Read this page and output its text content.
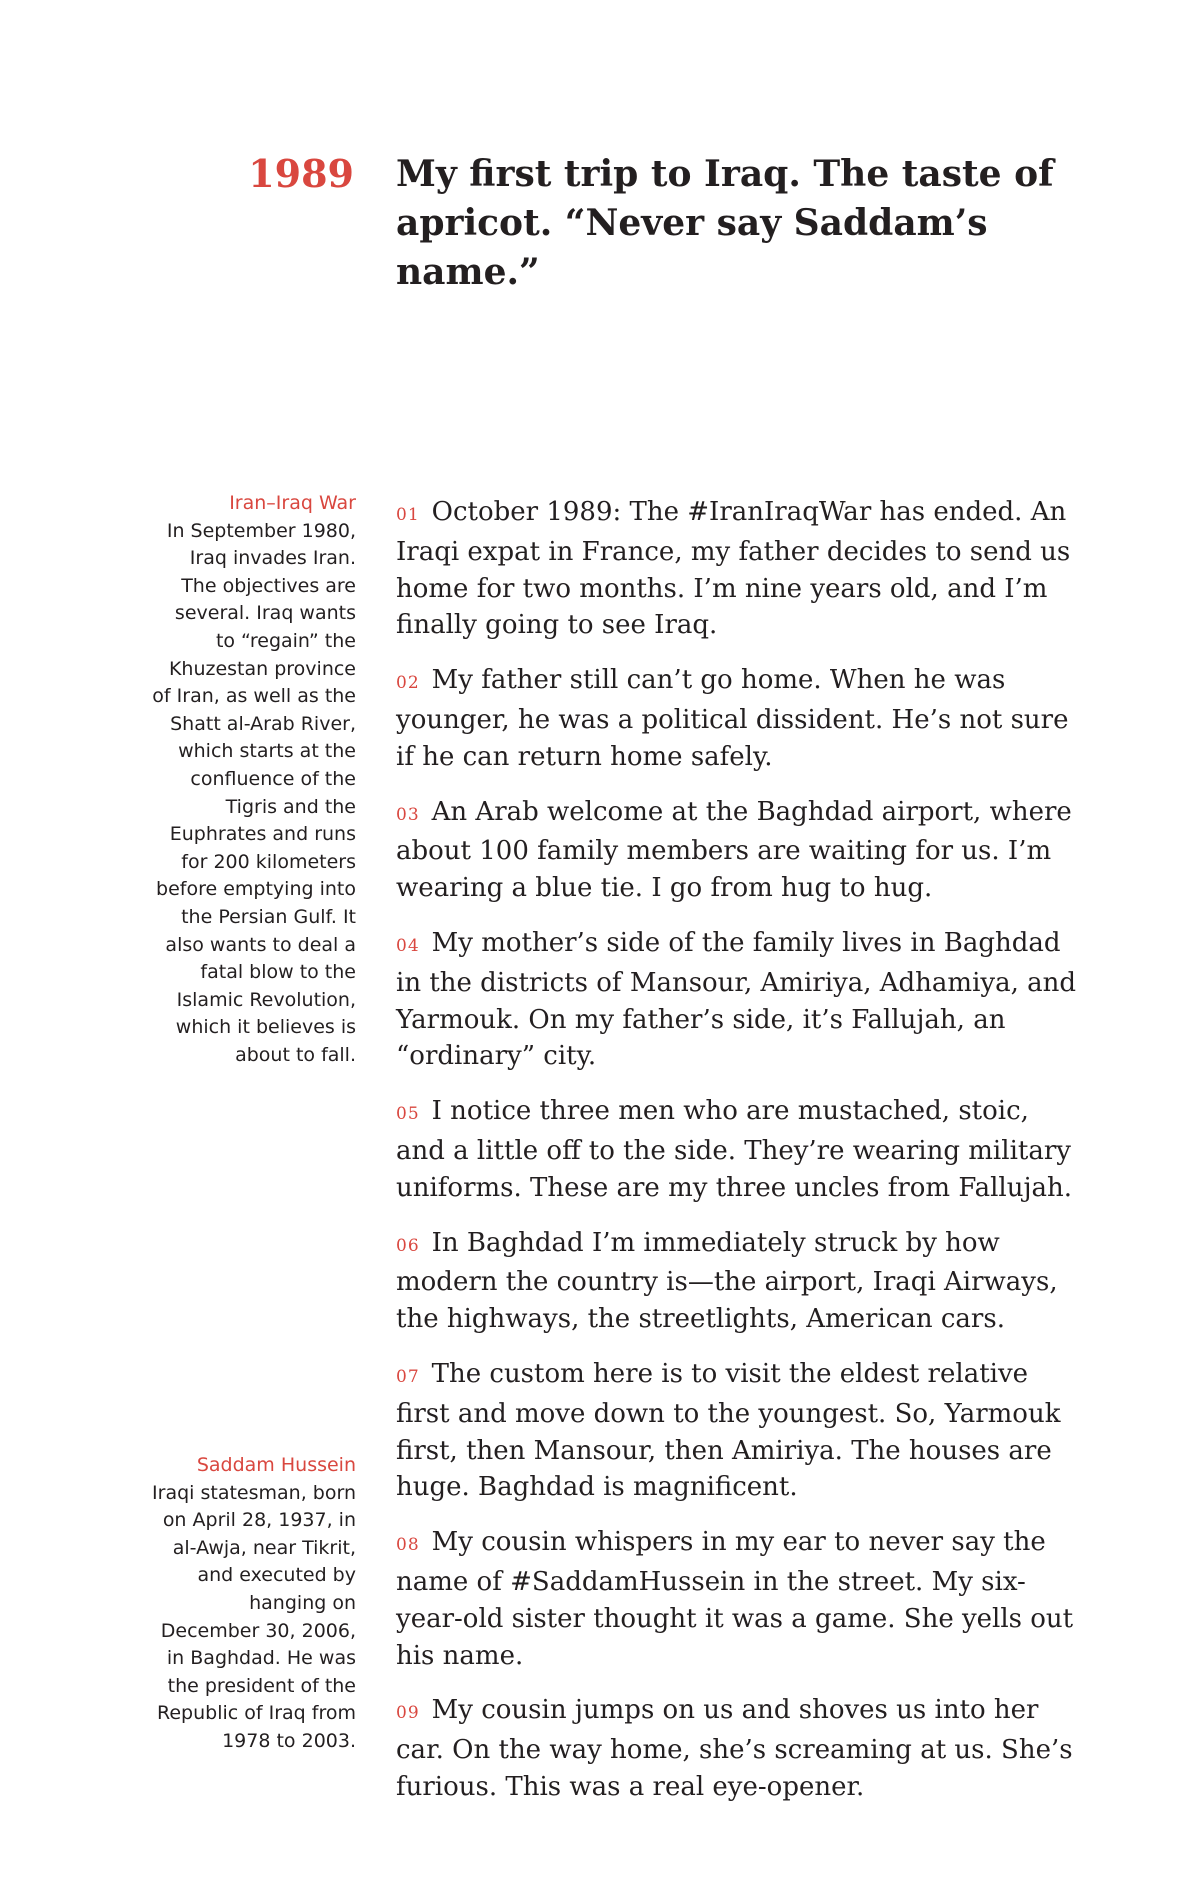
1989 My first trip to Iraq. The taste of apricot. “Never say Saddam’s name.”
Iran–Iraq War
In September 1980, Iraq invades Iran. The objectives are several. Iraq wants to “regain” the Khuzestan province of Iran, as well as the Shatt al-Arab River, which starts at the confluence of the Tigris and the Euphrates and runs for 200 kilometers before emptying into the Persian Gulf. It also wants to deal a fatal blow to the Islamic Revolution, which it believes is about to fall.
Saddam Hussein
Iraqi statesman, born on April 28, 1937, in al-Awja, near Tikrit, and executed by hanging on December 30, 2006, in Baghdad. He was the president of the Republic of Iraq from 1978 to 2003.

01 October 1989: The #IranIraqWar has ended. An Iraqi expat in France, my father decides to send us home for two months. I’m nine years old, and I’m finally going to see Iraq.

02 My father still can’t go home. When he was younger, he was a political dissident. He’s not sure if he can return home safely.

03 An Arab welcome at the Baghdad airport, where about 100 family members are waiting for us. I’m wearing a blue tie. I go from hug to hug.

04 My mother’s side of the family lives in Baghdad in the districts of Mansour, Amiriya, Adhamiya, and Yarmouk. On my father’s side, it’s Fallujah, an “ordinary” city.

05 I notice three men who are mustached, stoic, and a little off to the side. They’re wearing military uniforms. These are my three uncles from Fallujah.

06 In Baghdad I’m immediately struck by how modern the country is—the airport, Iraqi Airways, the highways, the streetlights, American cars.

07 The custom here is to visit the eldest relative first and move down to the youngest. So, Yarmouk first, then Mansour, then Amiriya. The houses are huge. Baghdad is magnificent.

08 My cousin whispers in my ear to never say the name of #SaddamHussein in the street. My six-year-old sister thought it was a game. She yells out his name.

09 My cousin jumps on us and shoves us into her car. On the way home, she’s screaming at us. She’s furious. This was a real eye-opener.
